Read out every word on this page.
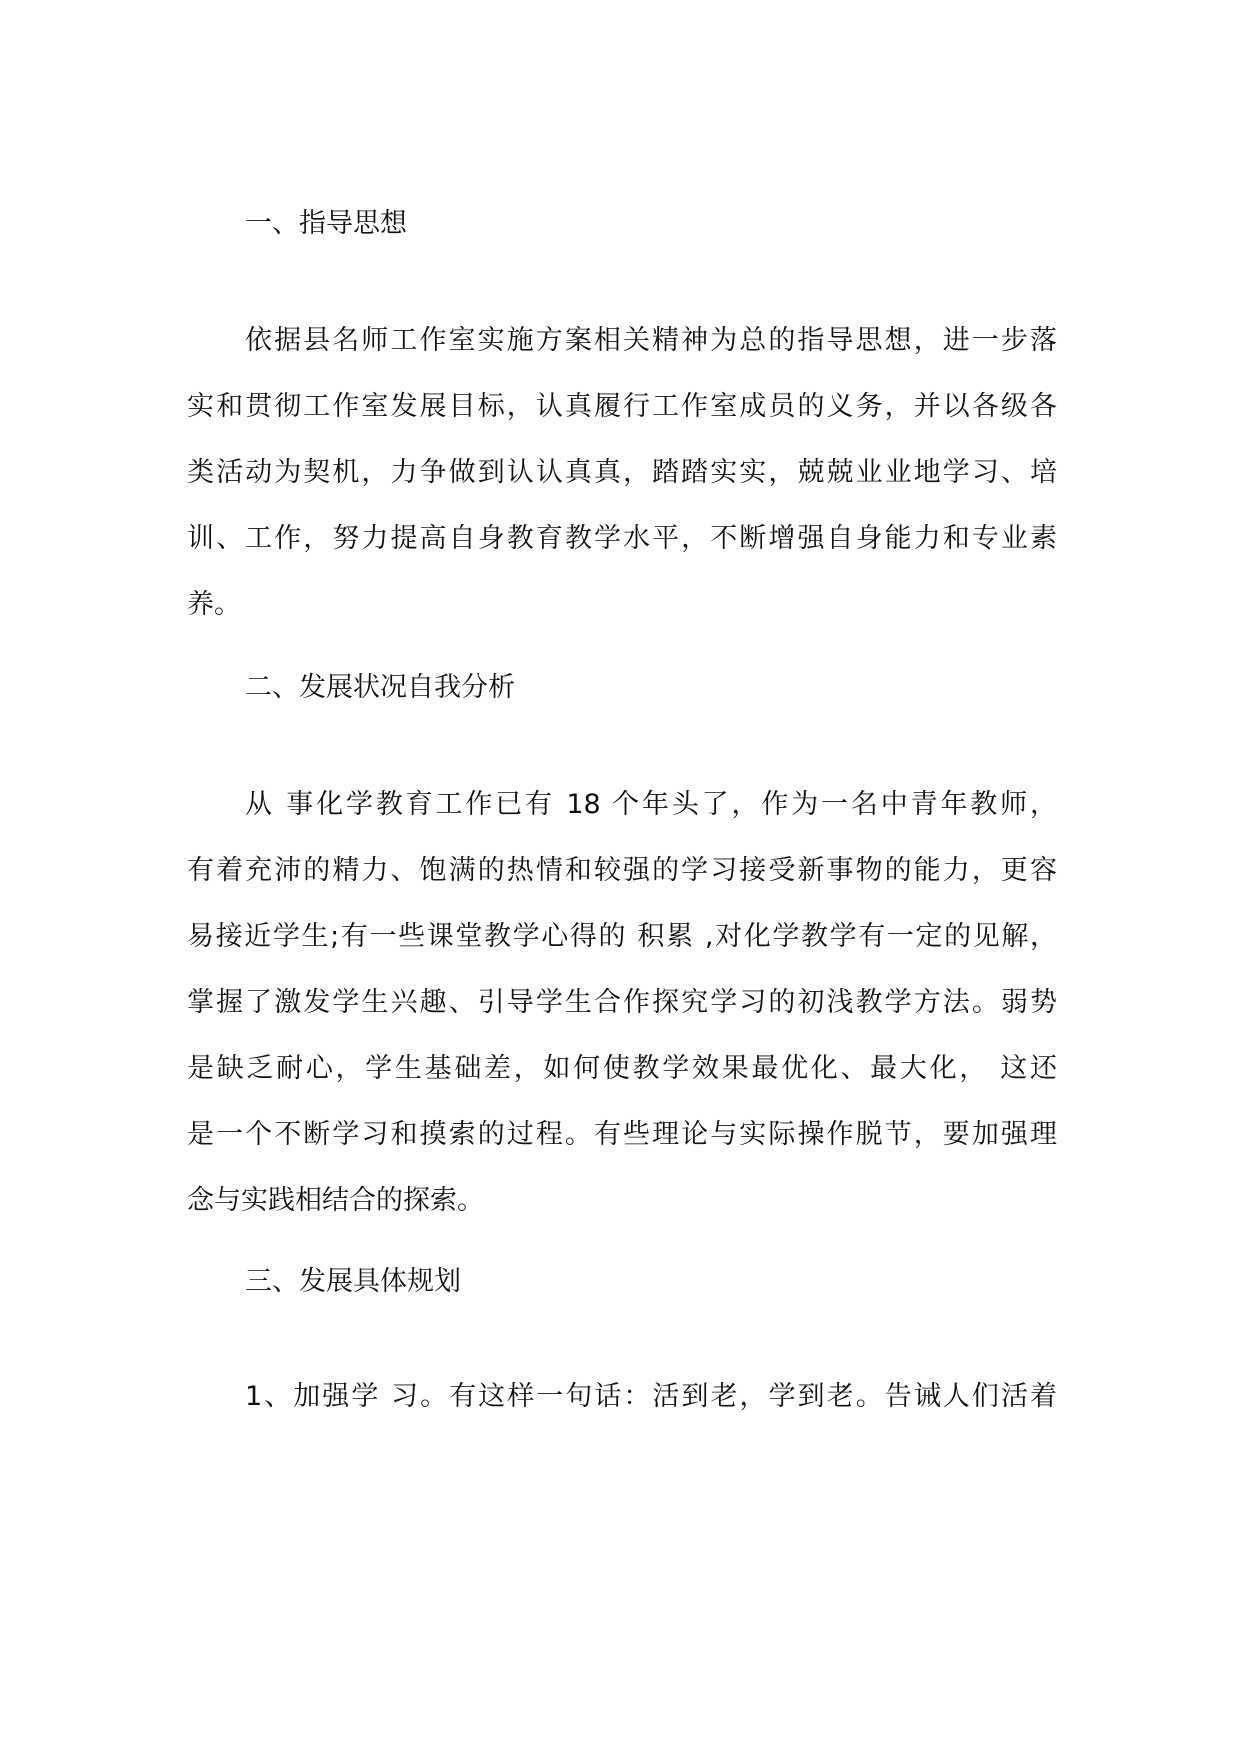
一、指导思想
依据县名师工作室实施方案相关精神为总的指导思想，进一步落
实和贯彻工作室发展目标，认真履行工作室成员的义务，并以各级各
类活动为契机，力争做到认认真真，踏踏实实，兢兢业业地学习、培
训、工作，努力提高自身教育教学水平，不断增强自身能力和专业素
养。
二、发展状况自我分析
从 事化学教育工作已有 18 个年头了，作为一名中青年教师，
有着充沛的精力、饱满的热情和较强的学习接受新事物的能力，更容
易接近学生;有一些课堂教学心得的 积累 ,对化学教学有一定的见解，
掌握了激发学生兴趣、引导学生合作探究学习的初浅教学方法。弱势
是缺乏耐心，学生基础差，如何使教学效果最优化、最大化， 这还
是一个不断学习和摸索的过程。有些理论与实际操作脱节，要加强理
念与实践相结合的探索。
三、发展具体规划
1、加强学 习。有这样一句话：活到老，学到老。告诫人们活着
